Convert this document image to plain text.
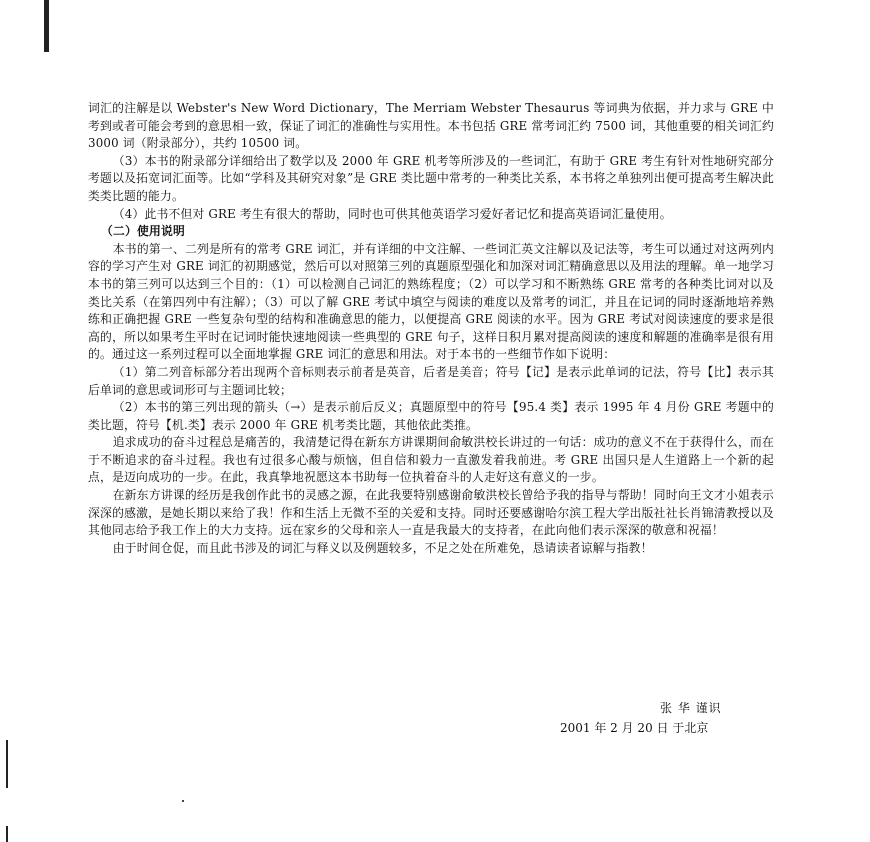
词汇的注解是以 Webster's New Word Dictionary，The Merriam Webster Thesaurus 等词典为依据，并力求与 GRE 中考到或者可能会考到的意思相一致，保证了词汇的准确性与实用性。本书包括 GRE 常考词汇约 7500 词，其他重要的相关词汇约 3000 词（附录部分），共约 10500 词。

（3）本书的附录部分详细给出了数学以及 2000 年 GRE 机考等所涉及的一些词汇，有助于 GRE 考生有针对性地研究部分考题以及拓宽词汇面等。比如“学科及其研究对象”是 GRE 类比题中常考的一种类比关系，本书将之单独列出便可提高考生解决此类类比题的能力。

（4）此书不但对 GRE 考生有很大的帮助，同时也可供其他英语学习爱好者记忆和提高英语词汇量使用。

（二）使用说明

本书的第一、二列是所有的常考 GRE 词汇，并有详细的中文注解、一些词汇英文注解以及记法等，考生可以通过对这两列内容的学习产生对 GRE 词汇的初期感觉，然后可以对照第三列的真题原型强化和加深对词汇精确意思以及用法的理解。单一地学习本书的第三列可以达到三个目的：（1）可以检测自己词汇的熟练程度；（2）可以学习和不断熟练 GRE 常考的各种类比词对以及类比关系（在第四列中有注解）；（3）可以了解 GRE 考试中填空与阅读的难度以及常考的词汇，并且在记词的同时逐渐地培养熟练和正确把握 GRE 一些复杂句型的结构和准确意思的能力，以便提高 GRE 阅读的水平。因为 GRE 考试对阅读速度的要求是很高的，所以如果考生平时在记词时能快速地阅读一些典型的 GRE 句子，这样日积月累对提高阅读的速度和解题的准确率是很有用的。通过这一系列过程可以全面地掌握 GRE 词汇的意思和用法。对于本书的一些细节作如下说明：

（1）第二列音标部分若出现两个音标则表示前者是英音，后者是美音；符号【记】是表示此单词的记法，符号【比】表示其后单词的意思或词形可与主题词比较；

（2）本书的第三列出现的箭头（→）是表示前后反义；真题原型中的符号【95.4 类】表示 1995 年 4 月份 GRE 考题中的类比题，符号【机.类】表示 2000 年 GRE 机考类比题，其他依此类推。

追求成功的奋斗过程总是痛苦的，我清楚记得在新东方讲课期间俞敏洪校长讲过的一句话：成功的意义不在于获得什么，而在于不断追求的奋斗过程。我也有过很多心酸与烦恼，但自信和毅力一直激发着我前进。考 GRE 出国只是人生道路上一个新的起点，是迈向成功的一步。在此，我真挚地祝愿这本书助每一位执着奋斗的人走好这有意义的一步。

在新东方讲课的经历是我创作此书的灵感之源，在此我要特别感谢俞敏洪校长曾给予我的指导与帮助！同时向王文才小姐表示深深的感激，是她长期以来给了我！作和生活上无微不至的关爱和支持。同时还要感谢哈尔滨工程大学出版社社长肖锦清教授以及其他同志给予我工作上的大力支持。远在家乡的父母和亲人一直是我最大的支持者，在此向他们表示深深的敬意和祝福！

由于时间仓促，而且此书涉及的词汇与释义以及例题较多，不足之处在所难免，恳请读者谅解与指教！

张 华 谨识
2001 年 2 月 20 日 于北京
